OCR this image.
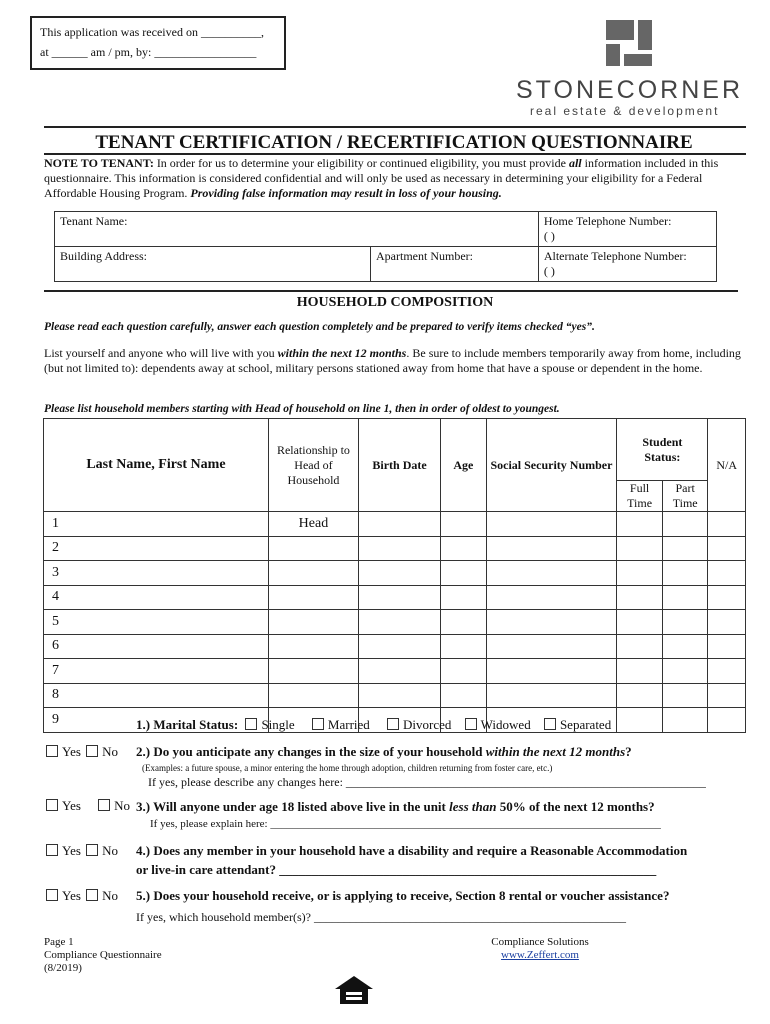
This application was received on __________,
at ______ am / pm, by: _________________
STONECORNER
real estate & development
TENANT CERTIFICATION / RECERTIFICATION QUESTIONNAIRE
NOTE TO TENANT: In order for us to determine your eligibility or continued eligibility, you must provide all information included in this questionnaire. This information is considered confidential and will only be used as necessary in determining your eligibility for a Federal Affordable Housing Program. Providing false information may result in loss of your housing.
Tenant Name:		Home Telephone Number:
( )

Building Address:	Apartment Number:	Alternate Telephone Number:
( )
HOUSEHOLD COMPOSITION
Please read each question carefully, answer each question completely and be prepared to verify items checked “yes”.
List yourself and anyone who will live with you within the next 12 months. Be sure to include members temporarily away from home, including (but not limited to): dependents away at school, military persons stationed away from home that have a spouse or dependent in the home.
Please list household members starting with Head of household on line 1, then in order of oldest to youngest.
Last Name, First Name	Relationship to Head of Household	Birth Date	Age	Social Security Number	Student Status:		N/A
					Full Time	Part Time	
1	Head						
2							
3							
4							
5							
6							
7							
8							
9								1.) Marital Status: Single	Married	Divorced Widowed Separated
Yes No
Yes	No
Yes No
Yes No
2.) Do you anticipate any changes in the size of your household within the next 12 months?
(Examples: a future spouse, a minor entering the home through adoption, children returning from foster care, etc.)
If yes, please describe any changes here: ____________________________________________________________
3.) Will anyone under age 18 listed above live in the unit less than 50% of the next 12 months?
If yes, please explain here: _______________________________________________________________________
4.) Does any member in your household have a disability and require a Reasonable Accommodation
or live-in care attendant? __________________________________________________________
5.) Does your household receive, or is applying to receive, Section 8 rental or voucher assistance?
If yes, which household member(s)? ____________________________________________________
Page 1
Compliance Questionnaire
(8/2019)
Compliance Solutions
www.Zeffert.com
